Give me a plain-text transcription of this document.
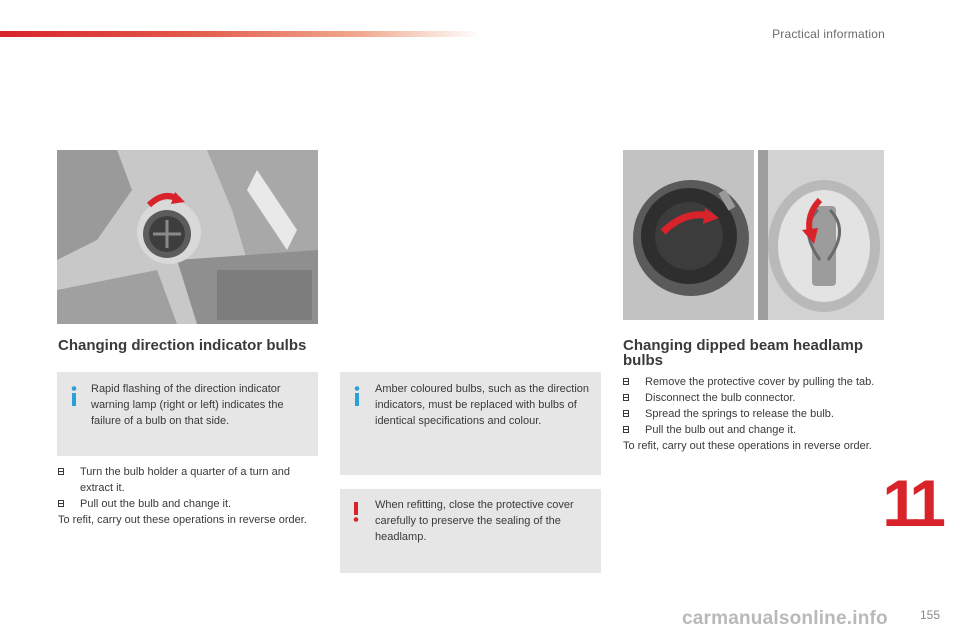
Practical information
Changing direction indicator bulbs
Rapid flashing of the direction indicator warning lamp (right or left) indicates the failure of a bulb on that side.
Turn the bulb holder a quarter of a turn and extract it.
Pull out the bulb and change it.
To refit, carry out these operations in reverse order.
Amber coloured bulbs, such as the direction indicators, must be replaced with bulbs of identical specifications and colour.
When refitting, close the protective cover carefully to preserve the sealing of the headlamp.
Changing dipped beam headlamp bulbs
Remove the protective cover by pulling the tab.
Disconnect the bulb connector.
Spread the springs to release the bulb.
Pull the bulb out and change it.
To refit, carry out these operations in reverse order.
11
carmanualsonline.info	155
